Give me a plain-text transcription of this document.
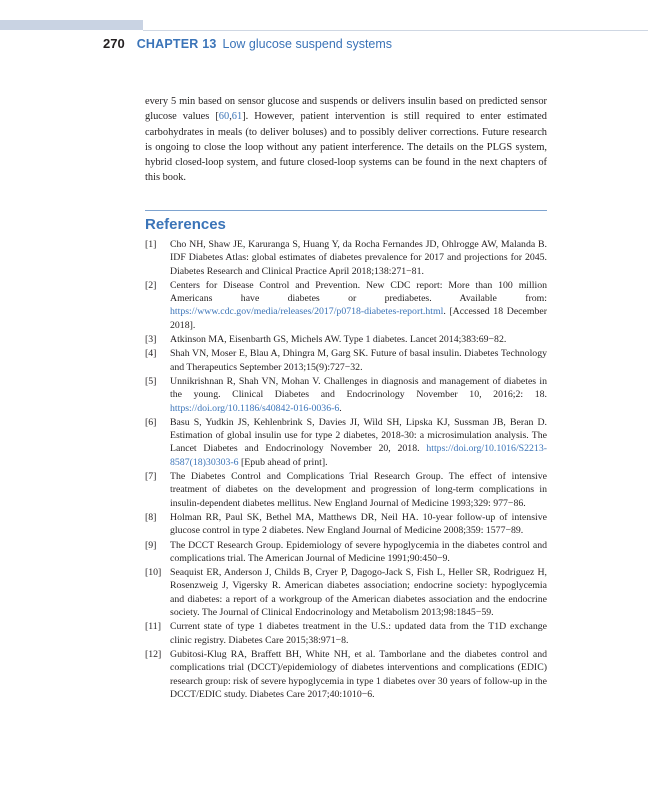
270 CHAPTER 13 Low glucose suspend systems

every 5 min based on sensor glucose and suspends or delivers insulin based on predicted sensor glucose values [60,61]. However, patient intervention is still required to enter estimated carbohydrates in meals (to deliver boluses) and to possibly deliver corrections. Future research is ongoing to close the loop without any patient interference. The details on the PLGS system, hybrid closed-loop system, and future closed-loop systems can be found in the next chapters of this book.

References
[1]	Cho NH, Shaw JE, Karuranga S, Huang Y, da Rocha Fernandes JD, Ohlrogge AW, Malanda B. IDF Diabetes Atlas: global estimates of diabetes prevalence for 2017 and projections for 2045. Diabetes Research and Clinical Practice April 2018;138:271−81.
[2]	Centers for Disease Control and Prevention. New CDC report: More than 100 million Americans have diabetes or prediabetes. Available from: https://www.cdc.gov/media/releases/2017/p0718-diabetes-report.html. [Accessed 18 December 2018].
[3]	Atkinson MA, Eisenbarth GS, Michels AW. Type 1 diabetes. Lancet 2014;383:69−82.
[4]	Shah VN, Moser E, Blau A, Dhingra M, Garg SK. Future of basal insulin. Diabetes Technology and Therapeutics September 2013;15(9):727−32.
[5]	Unnikrishnan R, Shah VN, Mohan V. Challenges in diagnosis and management of diabetes in the young. Clinical Diabetes and Endocrinology November 10, 2016;2: 18. https://doi.org/10.1186/s40842-016-0036-6.
[6]	Basu S, Yudkin JS, Kehlenbrink S, Davies JI, Wild SH, Lipska KJ, Sussman JB, Beran D. Estimation of global insulin use for type 2 diabetes, 2018-30: a microsimulation analysis. The Lancet Diabetes and Endocrinology November 20, 2018. https://doi.org/10.1016/S2213-8587(18)30303-6 [Epub ahead of print].
[7]	The Diabetes Control and Complications Trial Research Group. The effect of intensive treatment of diabetes on the development and progression of long-term complications in insulin-dependent diabetes mellitus. New England Journal of Medicine 1993;329: 977−86.
[8]	Holman RR, Paul SK, Bethel MA, Matthews DR, Neil HA. 10-year follow-up of intensive glucose control in type 2 diabetes. New England Journal of Medicine 2008;359: 1577−89.
[9]	The DCCT Research Group. Epidemiology of severe hypoglycemia in the diabetes control and complications trial. The American Journal of Medicine 1991;90:450−9.
[10] Seaquist ER, Anderson J, Childs B, Cryer P, Dagogo-Jack S, Fish L, Heller SR, Rodriguez H, Rosenzweig J, Vigersky R. American diabetes association; endocrine society: hypoglycemia and diabetes: a report of a workgroup of the American diabetes association and the endocrine society. The Journal of Clinical Endocrinology and Metabolism 2013;98:1845−59.
[11] Current state of type 1 diabetes treatment in the U.S.: updated data from the T1D exchange clinic registry. Diabetes Care 2015;38:971−8.
[12] Gubitosi-Klug RA, Braffett BH, White NH, et al. Tamborlane and the diabetes control and complications trial (DCCT)/epidemiology of diabetes interventions and complications (EDIC) research group: risk of severe hypoglycemia in type 1 diabetes over 30 years of follow-up in the DCCT/EDIC study. Diabetes Care 2017;40:1010−6.
